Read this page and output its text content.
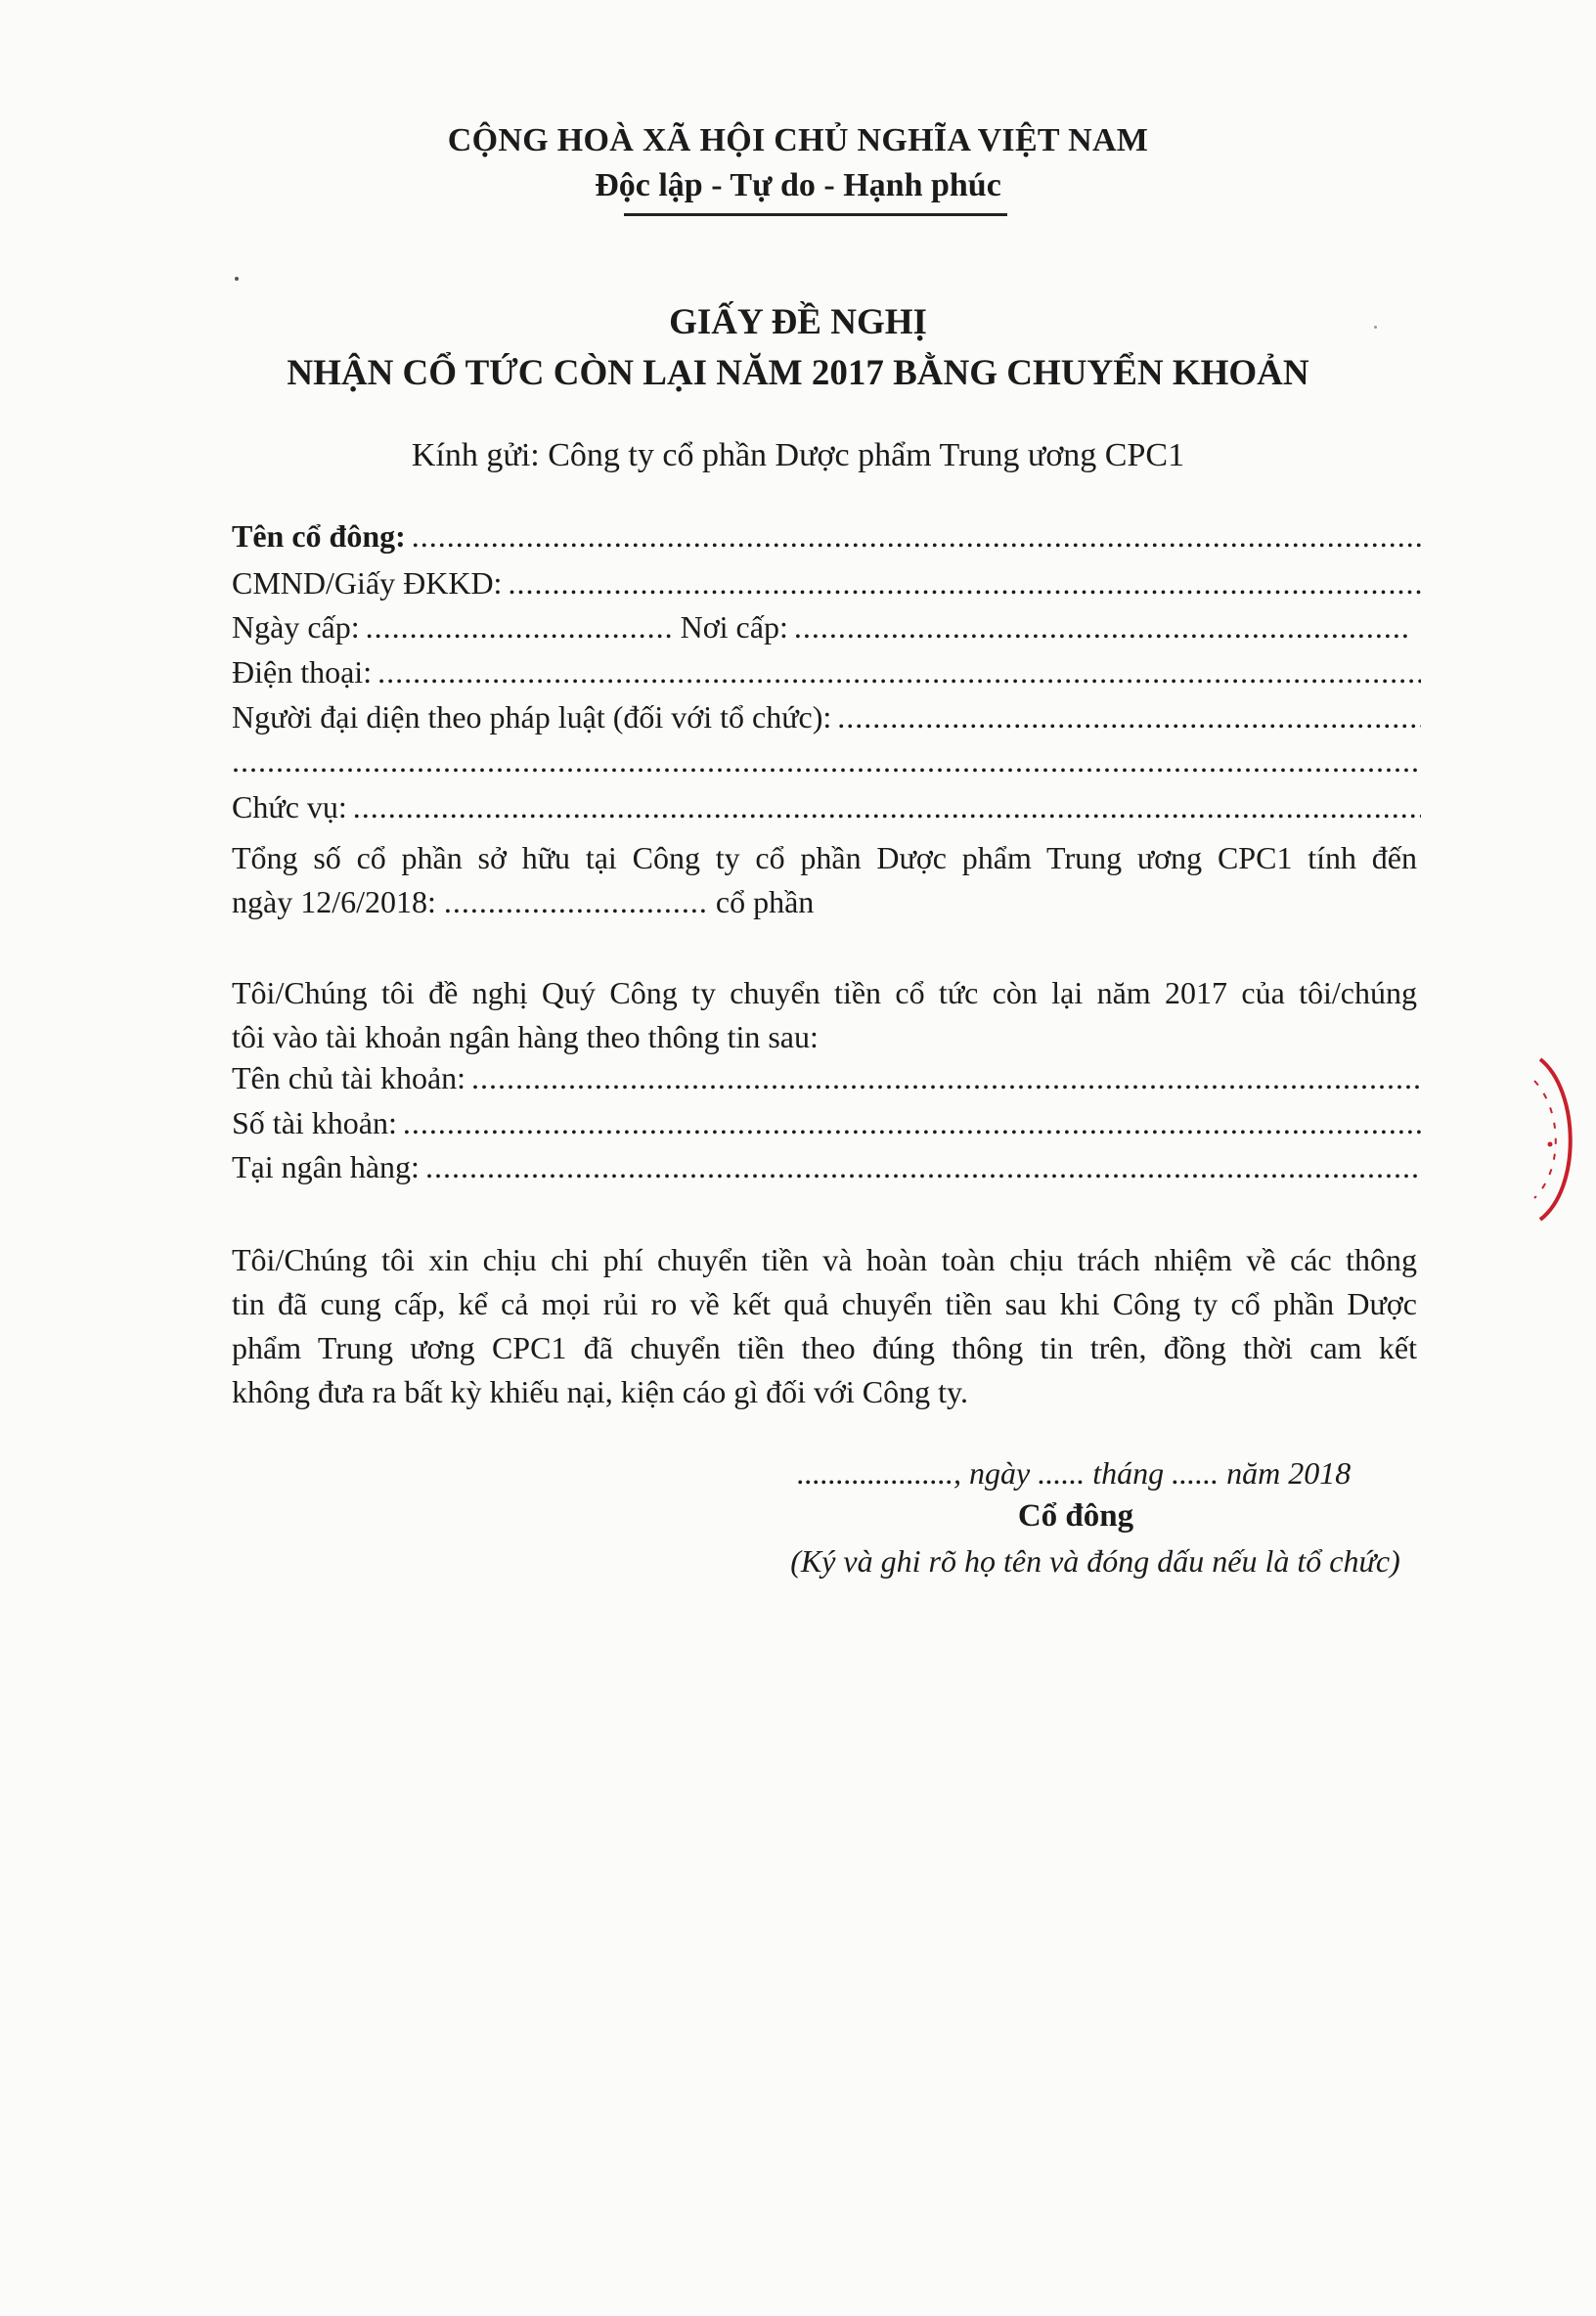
CỘNG HOÀ XÃ HỘI CHỦ NGHĨA VIỆT NAM
Độc lập - Tự do - Hạnh phúc
GIẤY ĐỀ NGHỊ
NHẬN CỔ TỨC CÒN LẠI NĂM 2017 BẰNG CHUYỂN KHOẢN
Kính gửi: Công ty cổ phần Dược phẩm Trung ương CPC1
Tên cổ đông:
.....
CMND/Giấy ĐKKD:
.....
Ngày cấp:
.....	Nơi cấp:
.....
Điện thoại:
.....
Người đại diện theo pháp luật (đối với tổ chức):
.....
.....
Chức vụ:
.....
Tổng số cổ phần sở hữu tại Công ty cổ phần Dược phẩm Trung ương CPC1 tính đến
ngày 12/6/2018: .............................. cổ phần
Tôi/Chúng tôi đề nghị Quý Công ty chuyển tiền cổ tức còn lại năm 2017 của tôi/chúng
tôi vào tài khoản ngân hàng theo thông tin sau:
Tên chủ tài khoản:
.....
Số tài khoản:
.....
Tại ngân hàng:
.....
Tôi/Chúng tôi xin chịu chi phí chuyển tiền và hoàn toàn chịu trách nhiệm về các thông
tin đã cung cấp, kể cả mọi rủi ro về kết quả chuyển tiền sau khi Công ty cổ phần Dược
phẩm Trung ương CPC1 đã chuyển tiền theo đúng thông tin trên, đồng thời cam kết
không đưa ra bất kỳ khiếu nại, kiện cáo gì đối với Công ty.
...................., ngày ...... tháng ...... năm 2018
Cổ đông
(Ký và ghi rõ họ tên và đóng dấu nếu là tổ chức)
